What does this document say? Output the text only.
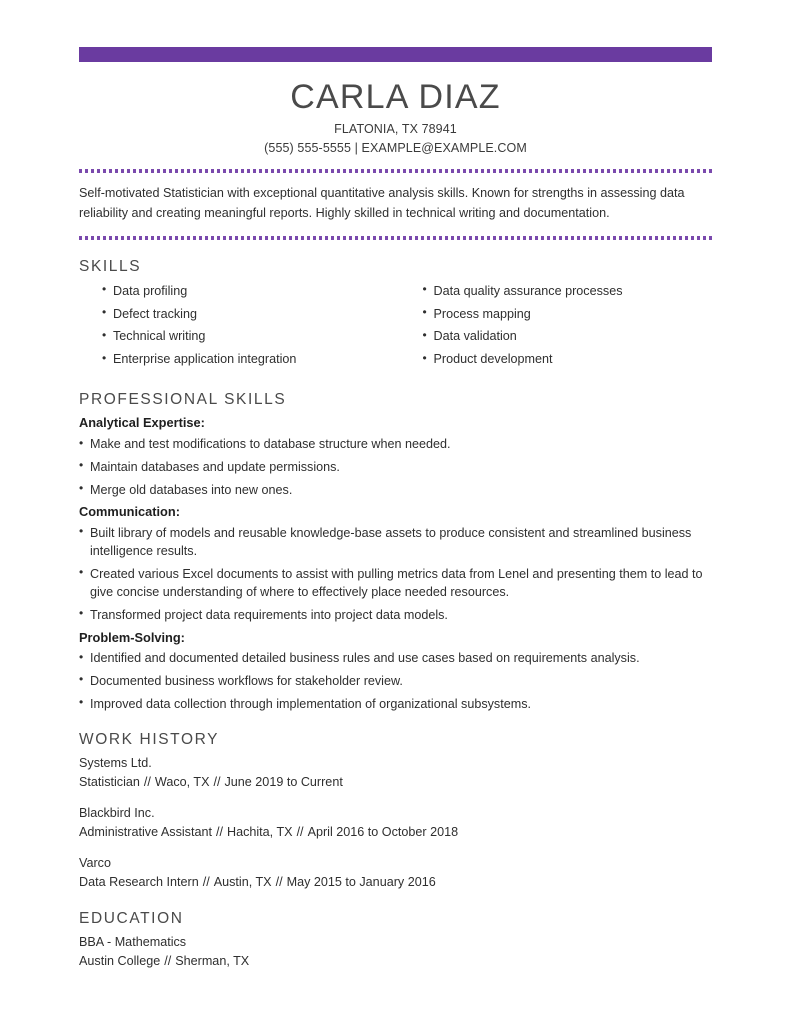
CARLA DIAZ
FLATONIA, TX 78941
(555) 555-5555 | EXAMPLE@EXAMPLE.COM
Self-motivated Statistician with exceptional quantitative analysis skills. Known for strengths in assessing data reliability and creating meaningful reports. Highly skilled in technical writing and documentation.
SKILLS
• Data profiling
• Defect tracking
• Technical writing
• Enterprise application integration
• Data quality assurance processes
• Process mapping
• Data validation
• Product development
PROFESSIONAL SKILLS
Analytical Expertise:
• Make and test modifications to database structure when needed.
• Maintain databases and update permissions.
• Merge old databases into new ones.
Communication:
• Built library of models and reusable knowledge-base assets to produce consistent and streamlined business intelligence results.
• Created various Excel documents to assist with pulling metrics data from Lenel and presenting them to lead to give concise understanding of where to effectively place needed resources.
• Transformed project data requirements into project data models.
Problem-Solving:
• Identified and documented detailed business rules and use cases based on requirements analysis.
• Documented business workflows for stakeholder review.
• Improved data collection through implementation of organizational subsystems.
WORK HISTORY
Systems Ltd.
Statistician // Waco, TX // June 2019 to Current
Blackbird Inc.
Administrative Assistant // Hachita, TX // April 2016 to October 2018
Varco
Data Research Intern // Austin, TX // May 2015 to January 2016
EDUCATION
BBA - Mathematics
Austin College // Sherman, TX
